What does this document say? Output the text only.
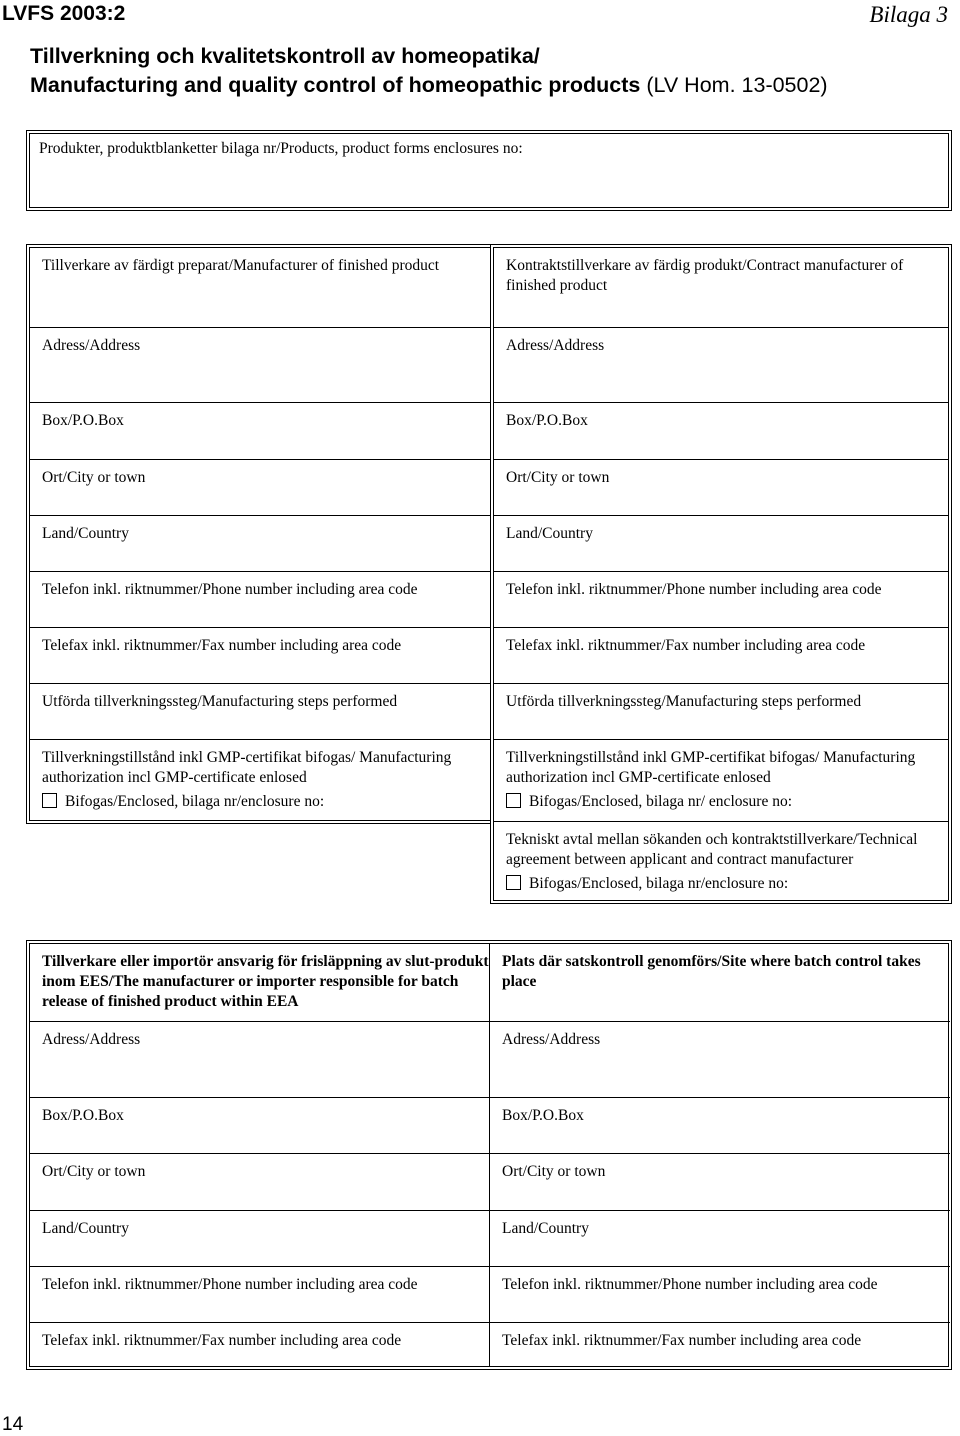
LVFS 2003:2	Bilaga 3
Tillverkning och kvalitetskontroll av homeopatika/
Manufacturing and quality control of homeopathic products (LV Hom. 13-0502)
Produkter, produktblanketter bilaga nr/Products, product forms enclosures no:
Tillverkare av färdigt preparat/Manufacturer of finished product
Adress/Address
Box/P.O.Box
Ort/City or town
Land/Country
Telefon inkl. riktnummer/Phone number including area code
Telefax inkl. riktnummer/Fax number including area code
Utförda tillverkningssteg/Manufacturing steps performed
Tillverkningstillstånd inkl GMP-certifikat bifogas/ Manufacturing authorization incl GMP-certificate enlosed
Bifogas/Enclosed, bilaga nr/enclosure no:
Kontraktstillverkare av färdig produkt/Contract manufacturer of finished product
Adress/Address
Box/P.O.Box
Ort/City or town
Land/Country
Telefon inkl. riktnummer/Phone number including area code
Telefax inkl. riktnummer/Fax number including area code
Utförda tillverkningssteg/Manufacturing steps performed
Tillverkningstillstånd inkl GMP-certifikat bifogas/ Manufacturing authorization incl GMP-certificate enlosed
Bifogas/Enclosed, bilaga nr/ enclosure no:
Tekniskt avtal mellan sökanden och kontraktstillverkare/Technical agreement between applicant and contract manufacturer
Bifogas/Enclosed, bilaga nr/enclosure no:
Tillverkare eller importör ansvarig för frisläppning av slut-produkt inom EES/The manufacturer or importer responsible for batch release of finished product within EEA
Adress/Address
Box/P.O.Box
Ort/City or town
Land/Country
Telefon inkl. riktnummer/Phone number including area code
Telefax inkl. riktnummer/Fax number including area code
Plats där satskontroll genomförs/Site where batch control takes place
Adress/Address
Box/P.O.Box
Ort/City or town
Land/Country
Telefon inkl. riktnummer/Phone number including area code
Telefax inkl. riktnummer/Fax number including area code
14
